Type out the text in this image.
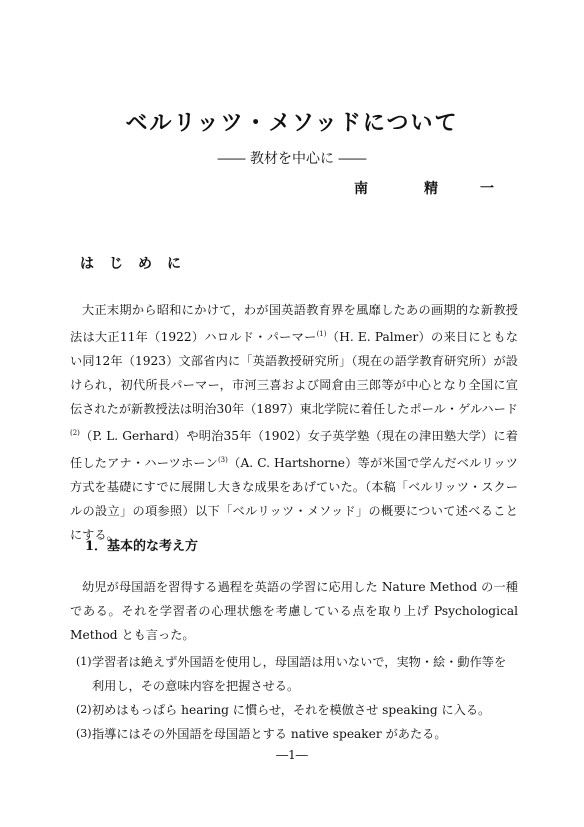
ベルリッツ・メソッドについて
―― 教材を中心に ――
南	精	一
はじめに

大正末期から昭和にかけて，わが国英語教育界を風靡したあの画期的な新教授法は大正11年（1922）ハロルド・パーマー$^{(1)}$（H. E. Palmer）の来日にともない同12年（1923）文部省内に「英語教授研究所」（現在の語学教育研究所）が設けられ，初代所長パーマー，市河三喜および岡倉由三郎等が中心となり全国に宣伝されたが新教授法は明治30年（1897）東北学院に着任したポール・ゲルハード$^{(2)}$（P. L. Gerhard）や明治35年（1902）女子英学塾（現在の津田塾大学）に着任したアナ・ハーツホーン$^{(3)}$（A. C. Hartshorne）等が米国で学んだベルリッツ方式を基礎にすでに展開し大きな成果をあげていた。（本稿「ベルリッツ・スクールの設立」の項参照）以下「ベルリッツ・メソッド」の概要について述べることにする。

1．基本的な考え方

幼児が母国語を習得する過程を英語の学習に応用した Nature Method の一種である。それを学習者の心理状態を考慮している点を取り上げ Psychological Method とも言った。

(1) 学習者は絶えず外国語を使用し，母国語は用いないで，実物・絵・動作等を利用し，その意味内容を把握させる。
(2) 初めはもっぱら hearing に慣らせ，それを模倣させ speaking に入る。
(3) 指導にはその外国語を母国語とする native speaker があたる。
―1―
